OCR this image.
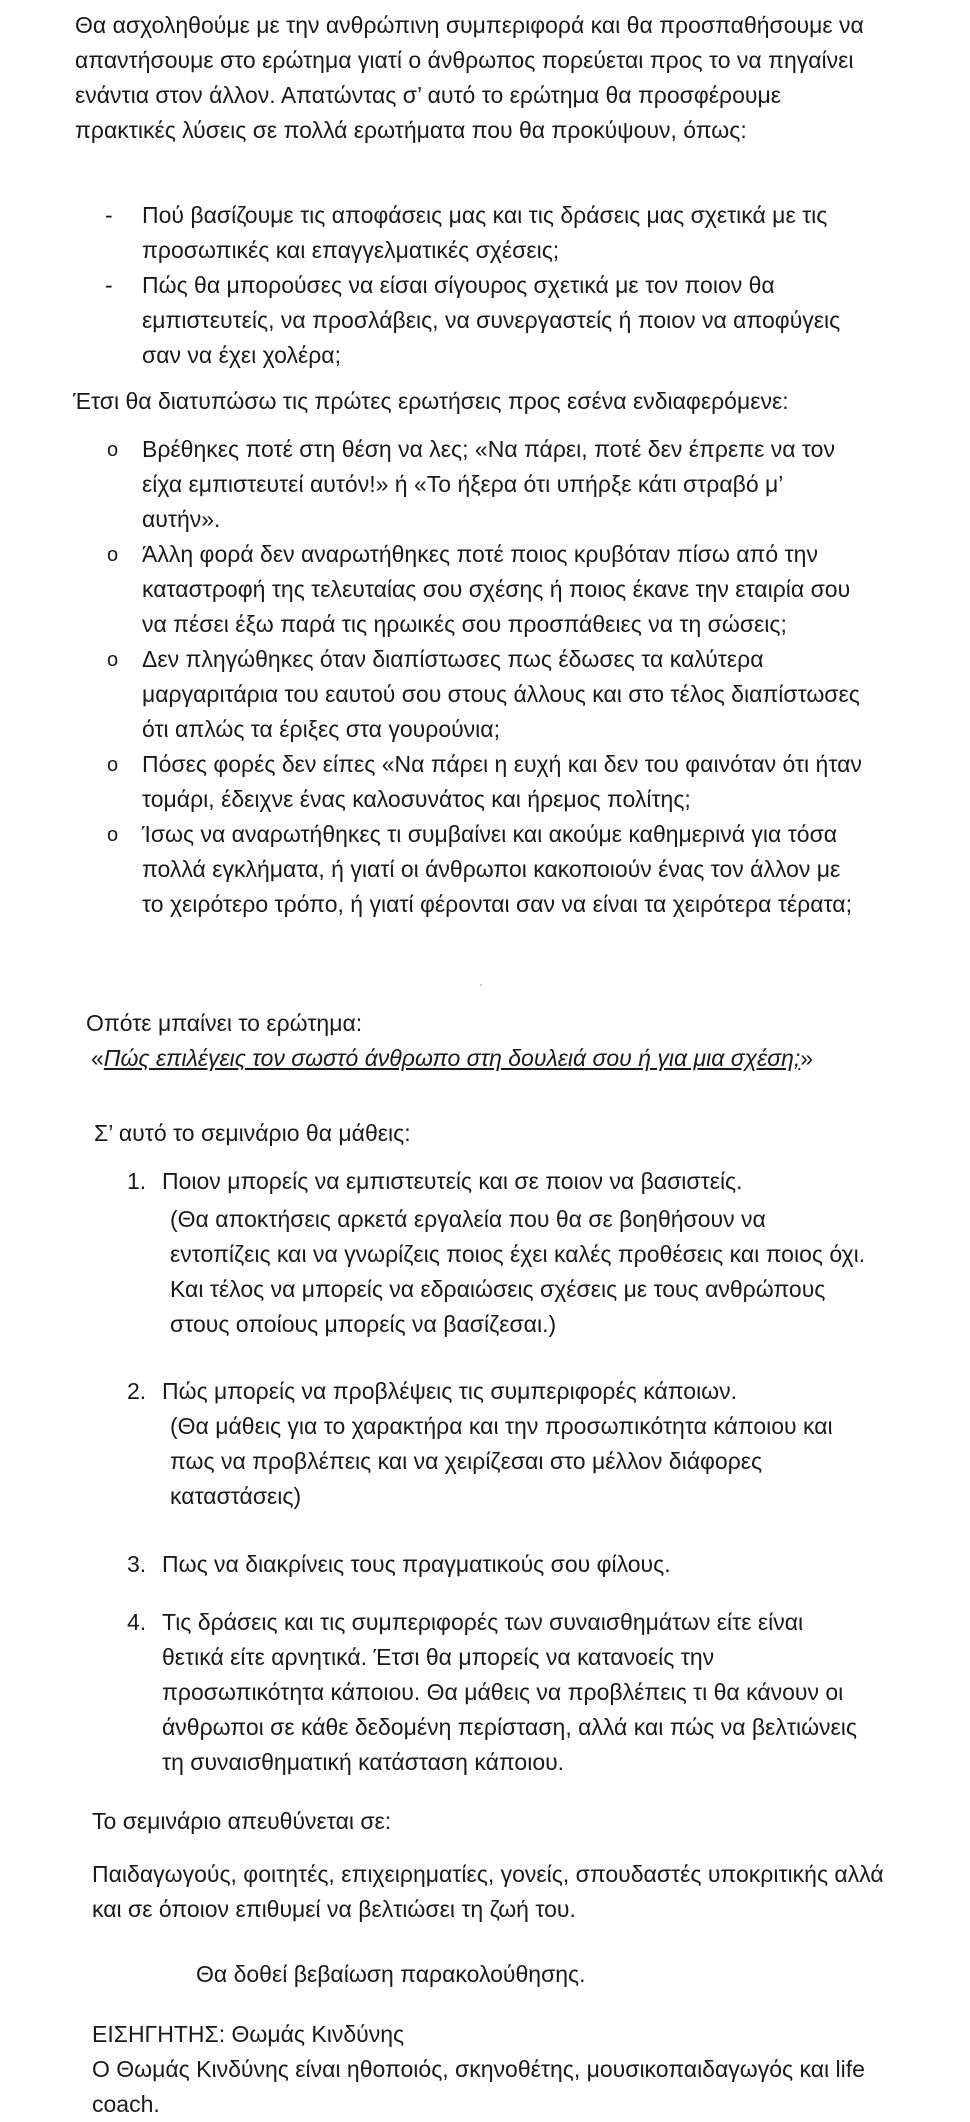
Θα ασχοληθούμε με την ανθρώπινη συμπεριφορά και θα προσπαθήσουμε να απαντήσουμε στο ερώτημα γιατί ο άνθρωπος πορεύεται προς το να πηγαίνει ενάντια στον άλλον. Απατώντας σ’ αυτό το ερώτημα θα προσφέρουμε πρακτικές λύσεις σε πολλά ερωτήματα που θα προκύψουν, όπως:

- Πού βασίζουμε τις αποφάσεις μας και τις δράσεις μας σχετικά με τις προσωπικές και επαγγελματικές σχέσεις;
- Πώς θα μπορούσες να είσαι σίγουρος σχετικά με τον ποιον θα εμπιστευτείς, να προσλάβεις, να συνεργαστείς ή ποιον να αποφύγεις σαν να έχει χολέρα;

Έτσι θα διατυπώσω τις πρώτες ερωτήσεις προς εσένα ενδιαφερόμενε:

o Βρέθηκες ποτέ στη θέση να λες; «Να πάρει, ποτέ δεν έπρεπε να τον είχα εμπιστευτεί αυτόν!» ή «Το ήξερα ότι υπήρξε κάτι στραβό μ’ αυτήν».
o Άλλη φορά δεν αναρωτήθηκες ποτέ ποιος κρυβόταν πίσω από την καταστροφή της τελευταίας σου σχέσης ή ποιος έκανε την εταιρία σου να πέσει έξω παρά τις ηρωικές σου προσπάθειες να τη σώσεις;
o Δεν πληγώθηκες όταν διαπίστωσες πως έδωσες τα καλύτερα μαργαριτάρια του εαυτού σου στους άλλους και στο τέλος διαπίστωσες ότι απλώς τα έριξες στα γουρούνια;
o Πόσες φορές δεν είπες «Να πάρει η ευχή και δεν του φαινόταν ότι ήταν τομάρι, έδειχνε ένας καλοσυνάτος και ήρεμος πολίτης;
o Ίσως να αναρωτήθηκες τι συμβαίνει και ακούμε καθημερινά για τόσα πολλά εγκλήματα, ή γιατί οι άνθρωποι κακοποιούν ένας τον άλλον με το χειρότερο τρόπο, ή γιατί φέρονται σαν να είναι τα χειρότερα τέρατα;

Οπότε μπαίνει το ερώτημα:

«Πώς επιλέγεις τον σωστό άνθρωπο στη δουλειά σου ή για μια σχέση;»

Σ’ αυτό το σεμινάριο θα μάθεις:

1. Ποιον μπορείς να εμπιστευτείς και σε ποιον να βασιστείς.

(Θα αποκτήσεις αρκετά εργαλεία που θα σε βοηθήσουν να εντοπίζεις και να γνωρίζεις ποιος έχει καλές προθέσεις και ποιος όχι. Και τέλος να μπορείς να εδραιώσεις σχέσεις με τους ανθρώπους στους οποίους μπορείς να βασίζεσαι.)

2. Πώς μπορείς να προβλέψεις τις συμπεριφορές κάποιων.

(Θα μάθεις για το χαρακτήρα και την προσωπικότητα κάποιου και πως να προβλέπεις και να χειρίζεσαι στο μέλλον διάφορες καταστάσεις)

3. Πως να διακρίνεις τους πραγματικούς σου φίλους.

4. Τις δράσεις και τις συμπεριφορές των συναισθημάτων είτε είναι θετικά είτε αρνητικά. Έτσι θα μπορείς να κατανοείς την προσωπικότητα κάποιου. Θα μάθεις να προβλέπεις τι θα κάνουν οι άνθρωποι σε κάθε δεδομένη περίσταση, αλλά και πώς να βελτιώνεις τη συναισθηματική κατάσταση κάποιου.

Το σεμινάριο απευθύνεται σε:

Παιδαγωγούς, φοιτητές, επιχειρηματίες, γονείς, σπουδαστές υποκριτικής αλλά και σε όποιον επιθυμεί να βελτιώσει τη ζωή του.

Θα δοθεί βεβαίωση παρακολούθησης.

ΕΙΣΗΓΗΤΗΣ: Θωμάς Κινδύνης

Ο Θωμάς Κινδύνης είναι ηθοποιός, σκηνοθέτης, μουσικοπαιδαγωγός και life coach.
